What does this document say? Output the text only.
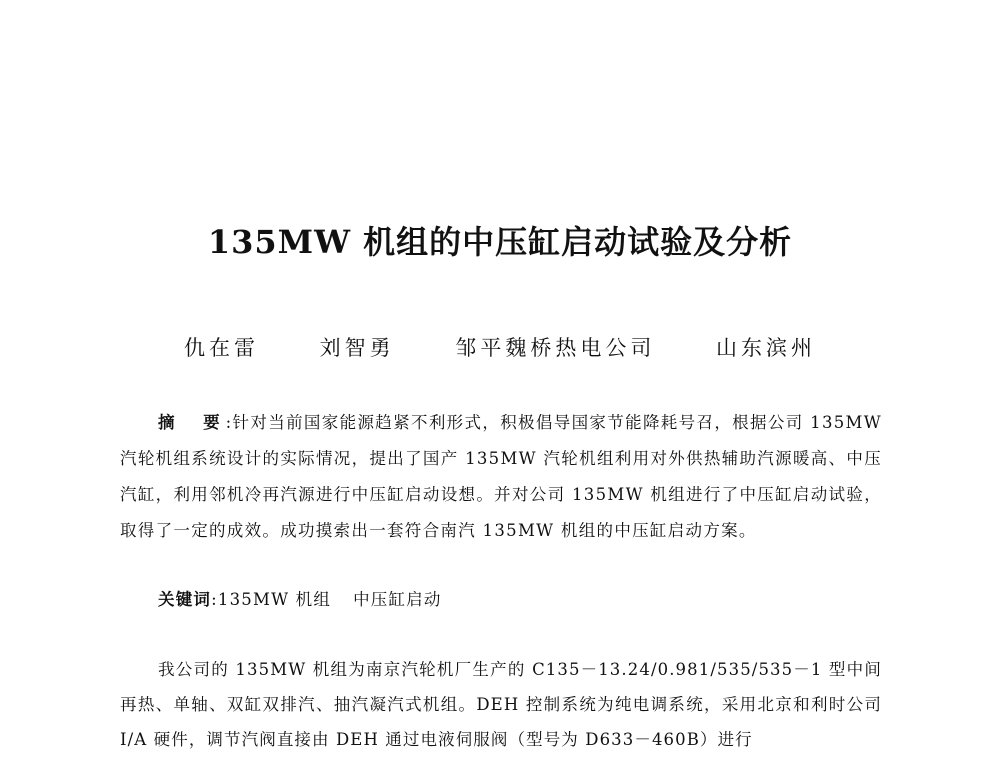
135MW 机组的中压缸启动试验及分析
仇在雷	刘智勇	邹平魏桥热电公司	山东滨州

摘　要:针对当前国家能源趋紧不利形式，积极倡导国家节能降耗号召，根据公司 135MW 汽轮机组系统设计的实际情况，提出了国产 135MW 汽轮机组利用对外供热辅助汽源暖高、中压汽缸，利用邻机冷再汽源进行中压缸启动设想。并对公司 135MW 机组进行了中压缸启动试验，取得了一定的成效。成功摸索出一套符合南汽 135MW 机组的中压缸启动方案。

关键词:135MW 机组 中压缸启动

我公司的 135MW 机组为南京汽轮机厂生产的 C135－13.24/0.981/535/535－1 型中间再热、单轴、双缸双排汽、抽汽凝汽式机组。DEH 控制系统为纯电调系统，采用北京和利时公司 I/A 硬件，调节汽阀直接由 DEH 通过电液伺服阀（型号为 D633－460B）进行
